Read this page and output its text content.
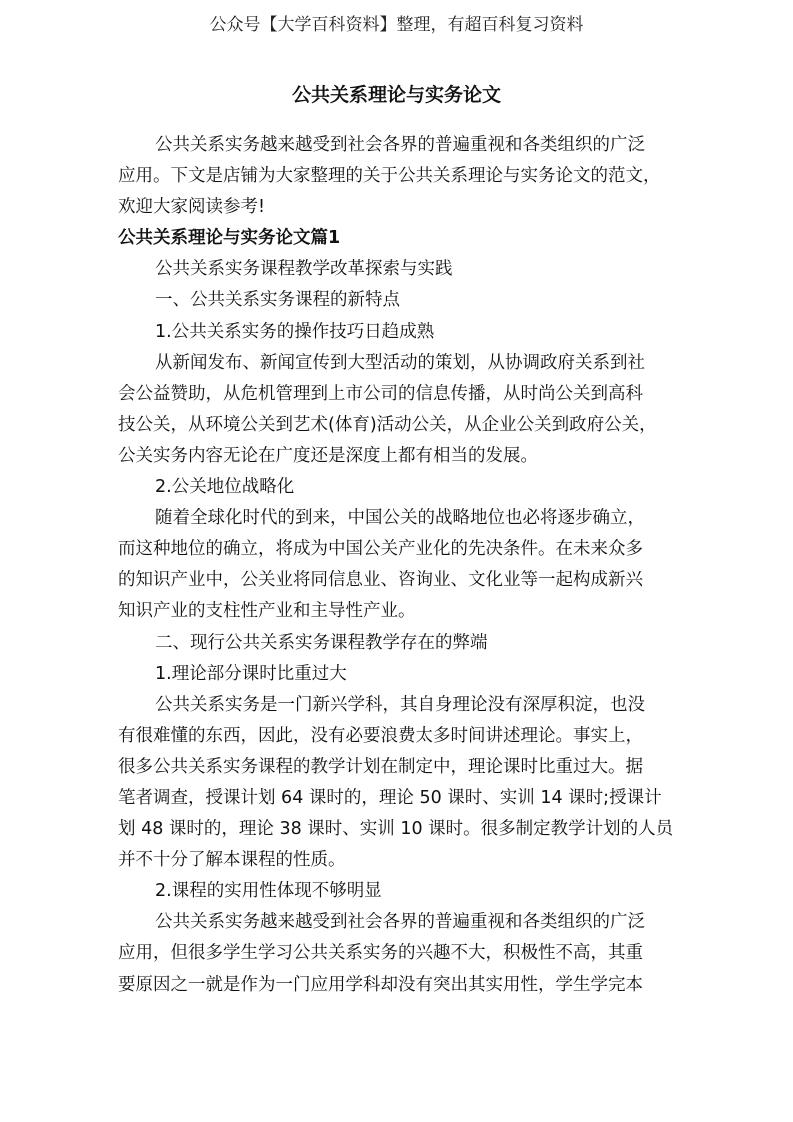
公众号【大学百科资料】整理，有超百科复习资料
公共关系理论与实务论文
公共关系实务越来越受到社会各界的普遍重视和各类组织的广泛
应用。下文是店铺为大家整理的关于公共关系理论与实务论文的范文，
欢迎大家阅读参考!
公共关系理论与实务论文篇1
公共关系实务课程教学改革探索与实践
一、公共关系实务课程的新特点
1.公共关系实务的操作技巧日趋成熟
从新闻发布、新闻宣传到大型活动的策划，从协调政府关系到社
会公益赞助，从危机管理到上市公司的信息传播，从时尚公关到高科
技公关，从环境公关到艺术(体育)活动公关，从企业公关到政府公关，
公关实务内容无论在广度还是深度上都有相当的发展。
2.公关地位战略化
随着全球化时代的到来，中国公关的战略地位也必将逐步确立，
而这种地位的确立，将成为中国公关产业化的先决条件。在未来众多
的知识产业中，公关业将同信息业、咨询业、文化业等一起构成新兴
知识产业的支柱性产业和主导性产业。
二、现行公共关系实务课程教学存在的弊端
1.理论部分课时比重过大
公共关系实务是一门新兴学科，其自身理论没有深厚积淀，也没
有很难懂的东西，因此，没有必要浪费太多时间讲述理论。事实上，
很多公共关系实务课程的教学计划在制定中，理论课时比重过大。据
笔者调查，授课计划 64 课时的，理论 50 课时、实训 14 课时;授课计
划 48 课时的，理论 38 课时、实训 10 课时。很多制定教学计划的人员
并不十分了解本课程的性质。
2.课程的实用性体现不够明显
公共关系实务越来越受到社会各界的普遍重视和各类组织的广泛
应用，但很多学生学习公共关系实务的兴趣不大，积极性不高，其重
要原因之一就是作为一门应用学科却没有突出其实用性，学生学完本
